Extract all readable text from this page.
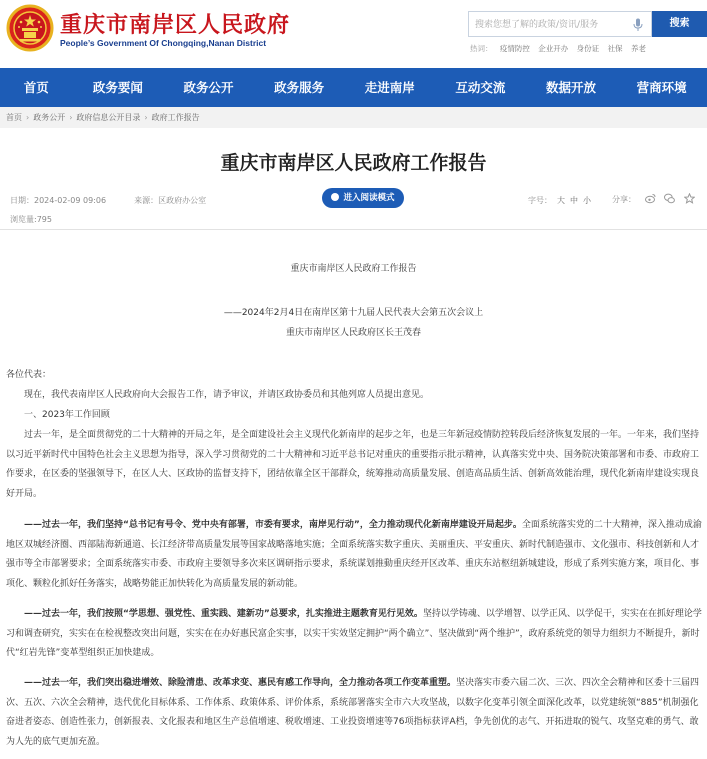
重庆市南岸区人民政府
People’s Government Of Chongqing,Nanan District
搜索您想了解的政策/资讯/服务
搜索
热词： 疫情防控 企业开办 身份证 社保 养老
首页	政务要闻	政务公开	政务服务	走进南岸	互动交流	数据开放	营商环境
首页 › 政务公开 › 政府信息公开目录 › 政府工作报告
重庆市南岸区人民政府工作报告
日期：2024-02-09 09:06	来源：区政府办公室
浏览量:795
进入阅读模式	字号： 大 中 小	分享：
重庆市南岸区人民政府工作报告
——2024年2月4日在南岸区第十九届人民代表大会第五次会议上
重庆市南岸区人民政府区长王茂春
各位代表：
现在，我代表南岸区人民政府向大会报告工作，请予审议，并请区政协委员和其他列席人员提出意见。
一、2023年工作回顾
过去一年，是全面贯彻党的二十大精神的开局之年，是全面建设社会主义现代化新南岸的起步之年，也是三年新冠疫情防控转段后经济恢复发展的一年。一年来，我们坚持以习近平新时代中国特色社会主义思想为指导，深入学习贯彻党的二十大精神和习近平总书记对重庆的重要指示批示精神，认真落实党中央、国务院决策部署和市委、市政府工作要求，在区委的坚强领导下，在区人大、区政协的监督支持下，团结依靠全区干部群众，统筹推动高质量发展、创造高品质生活、创新高效能治理，现代化新南岸建设实现良好开局。
——过去一年，我们坚持“总书记有号令、党中央有部署，市委有要求，南岸见行动”，全力推动现代化新南岸建设开局起步。全面系统落实党的二十大精神，深入推动成渝地区双城经济圈、西部陆海新通道、长江经济带高质量发展等国家战略落地实施；全面系统落实数字重庆、美丽重庆、平安重庆、新时代制造强市、文化强市、科技创新和人才强市等全市部署要求；全面系统落实市委、市政府主要领导多次来区调研指示要求，系统谋划推動重庆经开区改革、重庆东站枢纽新城建设，形成了系列实施方案，项目化、事项化、颗粒化抓好任务落实，战略势能正加快转化为高质量发展的新动能。
——过去一年，我们按照“学思想、强党性、重实践、建新功”总要求，扎实推进主题教育见行见效。坚持以学铸魂、以学增智、以学正风、以学促干，实实在在抓好理论学习和调查研究，实实在在检视整改突出问题，实实在在办好惠民富企实事，以实干实效坚定拥护“两个确立”、坚决做到“两个维护”，政府系统党的领导力组织力不断提升，新时代“红岩先锋”变革型组织正加快建成。
——过去一年，我们突出稳进增效、除险清患、改革求变、惠民有感工作导向，全力推动各项工作变革重塑。坚决落实市委六届二次、三次、四次全会精神和区委十三届四次、五次、六次全会精神，迭代优化目标体系、工作体系、政策体系、评价体系，系统部署落实全市六大攻坚战，以数字化变革引领全面深化改革，以党建统领“885”机制强化奋进者姿态、创造性张力，创新报表、文化报表和地区生产总值增速、税收增速、工业投资增速等76项指标获评A档，争先创优的志气、开拓进取的锐气、攻坚克难的勇气、敢为人先的底气更加充盈。
